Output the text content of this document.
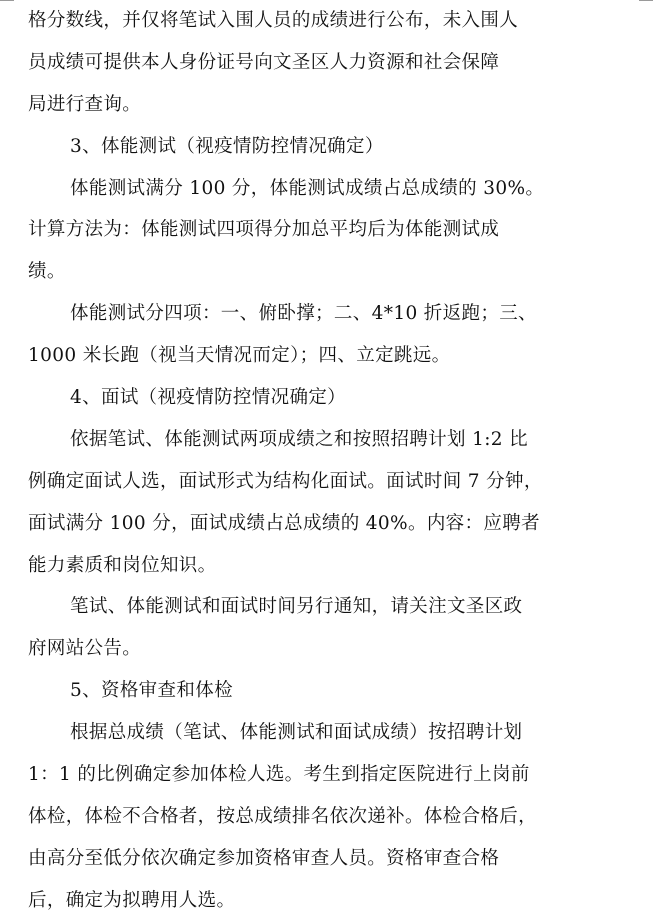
格分数线，并仅将笔试入围人员的成绩进行公布，未入围人
员成绩可提供本人身份证号向文圣区人力资源和社会保障
局进行查询。
3、体能测试（视疫情防控情况确定）
体能测试满分 100 分，体能测试成绩占总成绩的 30%。
计算方法为：体能测试四项得分加总平均后为体能测试成
绩。
体能测试分四项：一、俯卧撑；二、4*10 折返跑；三、
1000 米长跑（视当天情况而定）；四、立定跳远。
4、面试（视疫情防控情况确定）
依据笔试、体能测试两项成绩之和按照招聘计划 1:2 比
例确定面试人选，面试形式为结构化面试。面试时间 7 分钟，
面试满分 100 分，面试成绩占总成绩的 40%。内容：应聘者
能力素质和岗位知识。
笔试、体能测试和面试时间另行通知，请关注文圣区政
府网站公告。
5、资格审查和体检
根据总成绩（笔试、体能测试和面试成绩）按招聘计划
1：1 的比例确定参加体检人选。考生到指定医院进行上岗前
体检，体检不合格者，按总成绩排名依次递补。体检合格后，
由高分至低分依次确定参加资格审查人员。资格审查合格
后，确定为拟聘用人选。
